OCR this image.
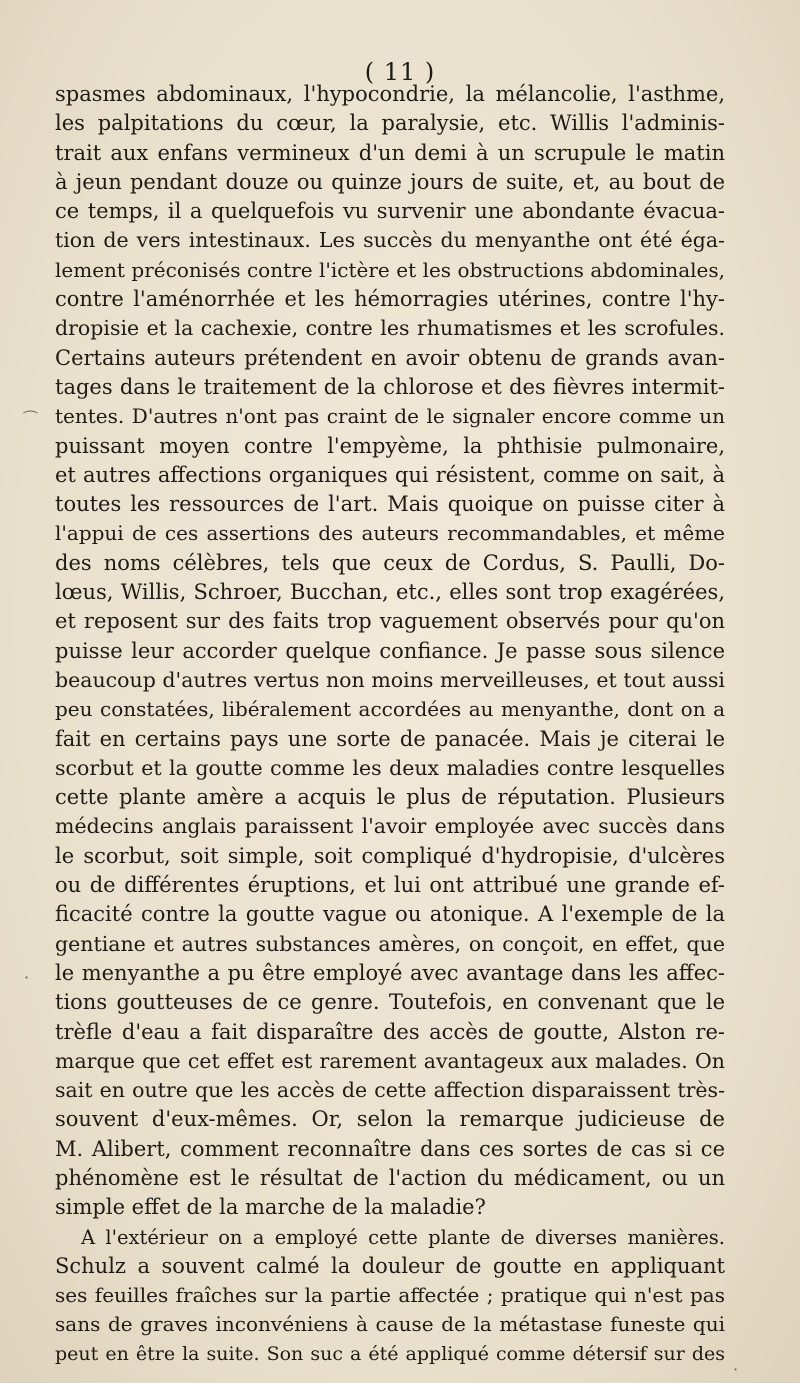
( 11 )
spasmes abdominaux, l'hypocondrie, la mélancolie, l'asthme,
les palpitations du cœur, la paralysie, etc. Willis l'adminis-
trait aux enfans vermineux d'un demi à un scrupule le matin
à jeun pendant douze ou quinze jours de suite, et, au bout de
ce temps, il a quelquefois vu survenir une abondante évacua-
tion de vers intestinaux. Les succès du menyanthe ont été éga-
lement préconisés contre l'ictère et les obstructions abdominales,
contre l'aménorrhée et les hémorragies utérines, contre l'hy-
dropisie et la cachexie, contre les rhumatismes et les scrofules.
Certains auteurs prétendent en avoir obtenu de grands avan-
tages dans le traitement de la chlorose et des fièvres intermit-
tentes. D'autres n'ont pas craint de le signaler encore comme un
puissant moyen contre l'empyème, la phthisie pulmonaire,
et autres affections organiques qui résistent, comme on sait, à
toutes les ressources de l'art. Mais quoique on puisse citer à
l'appui de ces assertions des auteurs recommandables, et même
des noms célèbres, tels que ceux de Cordus, S. Paulli, Do-
lœus, Willis, Schroer, Bucchan, etc., elles sont trop exagérées,
et reposent sur des faits trop vaguement observés pour qu'on
puisse leur accorder quelque confiance. Je passe sous silence
beaucoup d'autres vertus non moins merveilleuses, et tout aussi
peu constatées, libéralement accordées au menyanthe, dont on a
fait en certains pays une sorte de panacée. Mais je citerai le
scorbut et la goutte comme les deux maladies contre lesquelles
cette plante amère a acquis le plus de réputation. Plusieurs
médecins anglais paraissent l'avoir employée avec succès dans
le scorbut, soit simple, soit compliqué d'hydropisie, d'ulcères
ou de différentes éruptions, et lui ont attribué une grande ef-
ficacité contre la goutte vague ou atonique. A l'exemple de la
gentiane et autres substances amères, on conçoit, en effet, que
le menyanthe a pu être employé avec avantage dans les affec-
tions goutteuses de ce genre. Toutefois, en convenant que le
trèfle d'eau a fait disparaître des accès de goutte, Alston re-
marque que cet effet est rarement avantageux aux malades. On
sait en outre que les accès de cette affection disparaissent très-
souvent d'eux-mêmes. Or, selon la remarque judicieuse de
M. Alibert, comment reconnaître dans ces sortes de cas si ce
phénomène est le résultat de l'action du médicament, ou un
simple effet de la marche de la maladie?
A l'extérieur on a employé cette plante de diverses manières.
Schulz a souvent calmé la douleur de goutte en appliquant
ses feuilles fraîches sur la partie affectée ; pratique qui n'est pas
sans de graves inconvéniens à cause de la métastase funeste qui
peut en être la suite. Son suc a été appliqué comme détersif sur des
⁀
·
·
